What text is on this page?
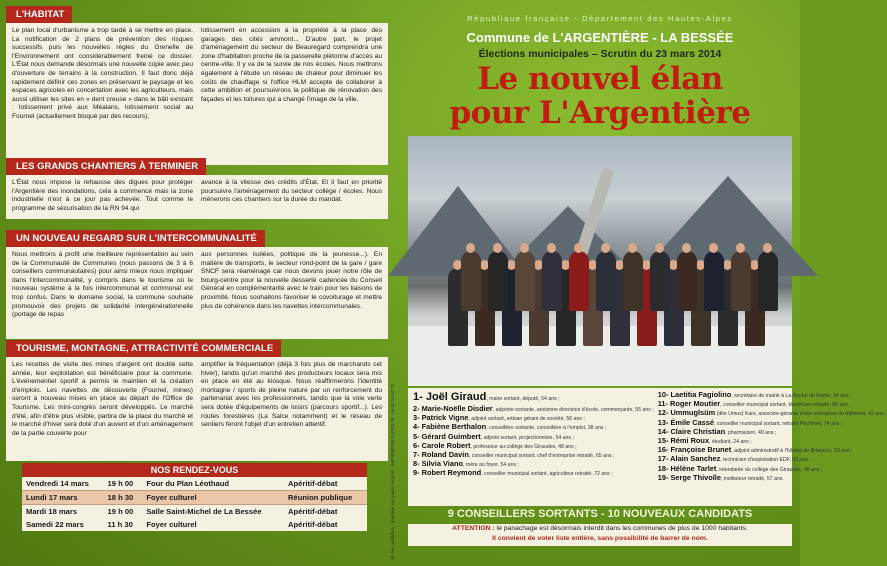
L'HABITAT

Le plan local d'urbanisme a trop tardé à se mettre en place. La notification de 2 plans de prévention des risques successifs puis les nouvelles règles du Grenelle de l'Environnement ont considérablement freiné ce dossier. L'État nous demande désormais une nouvelle copie avec peu d'ouverture de terrains à la construction. Il faut donc déjà rapidement définir ces zones en préservant le paysage et les espaces agricoles en concertation avec les agriculteurs, mais aussi utiliser les sites en « dent creuse » dans le bâti existant : lotissement privé aux Méalans, lotissement social au Fournel (actuellement bloqué par des recours),

lotissement en accession à la propriété à la place des garages des cités ammont... D'autre part, le projet d'aménagement du secteur de Beauregard comprendra une zone d'habitation proche de la passerelle piétonne d'accès au centre-ville. Il y va de la survie de nos écoles. Nous mettrons également à l'étude un réseau de chaleur pour diminuer les coûts de chauffage si l'office HLM accepte de collaborer à cette ambition et poursuivrons la politique de rénovation des façades et les toitures qui a changé l'image de la ville.

LES GRANDS CHANTIERS À TERMINER

L'État nous impose la rehausse des digues pour protéger l'Argentière des inondations, cela a commencé mais la zone industrielle n'est à ce jour pas achevée. Tout comme le programme de sécurisation de la RN 94 qui

avance à la vitesse des crédits d'État. Et il faut en priorité poursuivre l'aménagement du secteur collège / écoles. Nous ménerons ces chantiers sur la durée du mandat.

UN NOUVEAU REGARD SUR L'INTERCOMMUNALITÉ

Nous mettrons à profit une meilleure représentation au sein de la Communauté de Communes (nous passons de 3 à 6 conseillers communautaires) pour ainsi mieux nous impliquer dans l'intercommunalité, y compris dans le tourisme où le nouveau système à la fois intercommunal et communal est trop confus. Dans le domaine social, la commune souhaite promouvoir des projets de solidarité intergénérationnelle (portage de repas

aux personnes isolées, politique de la jeunesse...). En matière de transports, le secteur rond-point de la gare / gare SNCF sera réaménagé car nous devons jouer notre rôle de bourg-centre pour la nouvelle desserte cadencée du Conseil Général en complémentarité avec le train pour les liaisons de proximité. Nous souhaitons favoriser le covoiturage et mettre plus de cohérence dans les navettes intercommunales.

TOURISME, MONTAGNE, ATTRACTIVITÉ COMMERCIALE

Les recettes de visite des mines d'argent ont doublé cette année, leur exploitation est bénéficiaire pour la commune. L'événementiel sportif a permis le maintien et la création d'emplois. Les navettes de découverte (Fournel, mines) seront à nouveau mises en place au départ de l'Office de Tourisme. Les mini-congrès seront développés. Le marché d'été, afin d'être plus visible, partira de la place du marché et le marché d'hiver sera doté d'un auvent et d'un aménagement de la partie couverte pour

amplifier la fréquentation (déjà 3 fois plus de marchands cet hiver), tandis qu'un marché des producteurs locaux sera mis en place en été au kiosque. Nous réaffirmerons l'identité montagne / sports de pleine nature par un renforcement du partenariat avec les professionnels, tandis que la voie verte sera dotée d'équipements de loisirs (parcours sportif...). Les routes forestières (La Salce notamment) et le réseau de sentiers feront l'objet d'un entretien attentif.

NOS RENDEZ-VOUS
Vendredi 14 mars	19 h 00	Four du Plan Léothaud	Apéritif-débat
Lundi 17 mars	18 h 30	Foyer culturel	Réunion publique
Mardi 18 mars	19 h 00	Salle Saint-Michel de La Bessée	Apéritif-débat
Samedi 22 mars	11 h 30	Foyer culturel	Apéritif-débat	Vu les candidats - Imprimé sur papier recyclé - IMPRIMERIE ALPES 05 - 04 92 53 62 73
République française - Département des Hautes-Alpes
Commune de L'ARGENTIÈRE - LA BESSÉE
Élections municipales – Scrutin du 23 mars 2014
Le nouvel élan
pour L'Argentière
1- Joël Giraud, maire sortant, député, 54 ans ;
2- Marie-Noëlle Disdier, adjointe sortante, ancienne directrice d'école, commerçante, 55 ans ;
3- Patrick Vigne, adjoint sortant, artisan gérant de société, 56 ans ;
4- Fabiène Berthalon, conseillère sortante, conseillère à l'emploi, 38 ans ;
5- Gérard Guimbert, adjoint sortant, projectionniste, 54 ans ;
6- Carole Robert, professeur au collège des Giraudes, 48 ans ;
7- Roland Davin, conseiller municipal sortant, chef d'entreprise retraité, 65 ans ;
8- Silvia Viano, mère au foyer, 54 ans ;
9- Robert Reymond, conseiller municipal sortant, agriculteur retraité, 72 ans ;
10- Laetitia Fagiolino, secrétaire de mairie à La Roche de Rame, 34 ans ;
11- Roger Moutier, conseiller municipal sortant, électricien retraité, 68 ans ;
12- Ummuglsüm (dite Umus) Kars, associée-gérante d'une entreprise du bâtiment, 42 ans ;
13- Émile Cassé, conseiller municipal sortant, retraité Péchiney, 74 ans ;
14- Claire Christian, pharmacien, 49 ans ;
15- Rémi Roux, étudiant, 24 ans ;
16- Françoise Brunet, adjoint administratif à l'hôpital de Briançon, 53 ans ;
17- Alain Sanchez, technicien d'exploitation EDF, 53 ans ;
18- Hélène Tarlet, intendante du collège des Giraudes, 48 ans ;
19- Serge Thivolle, instituteur retraité, 57 ans.
9 CONSEILLERS SORTANTS - 10 NOUVEAUX CANDIDATS
ATTENTION : le panachage est désormais interdit dans les communes de plus de 1000 habitants.
Il convient de voter liste entière, sans possibilité de barrer de nom.
